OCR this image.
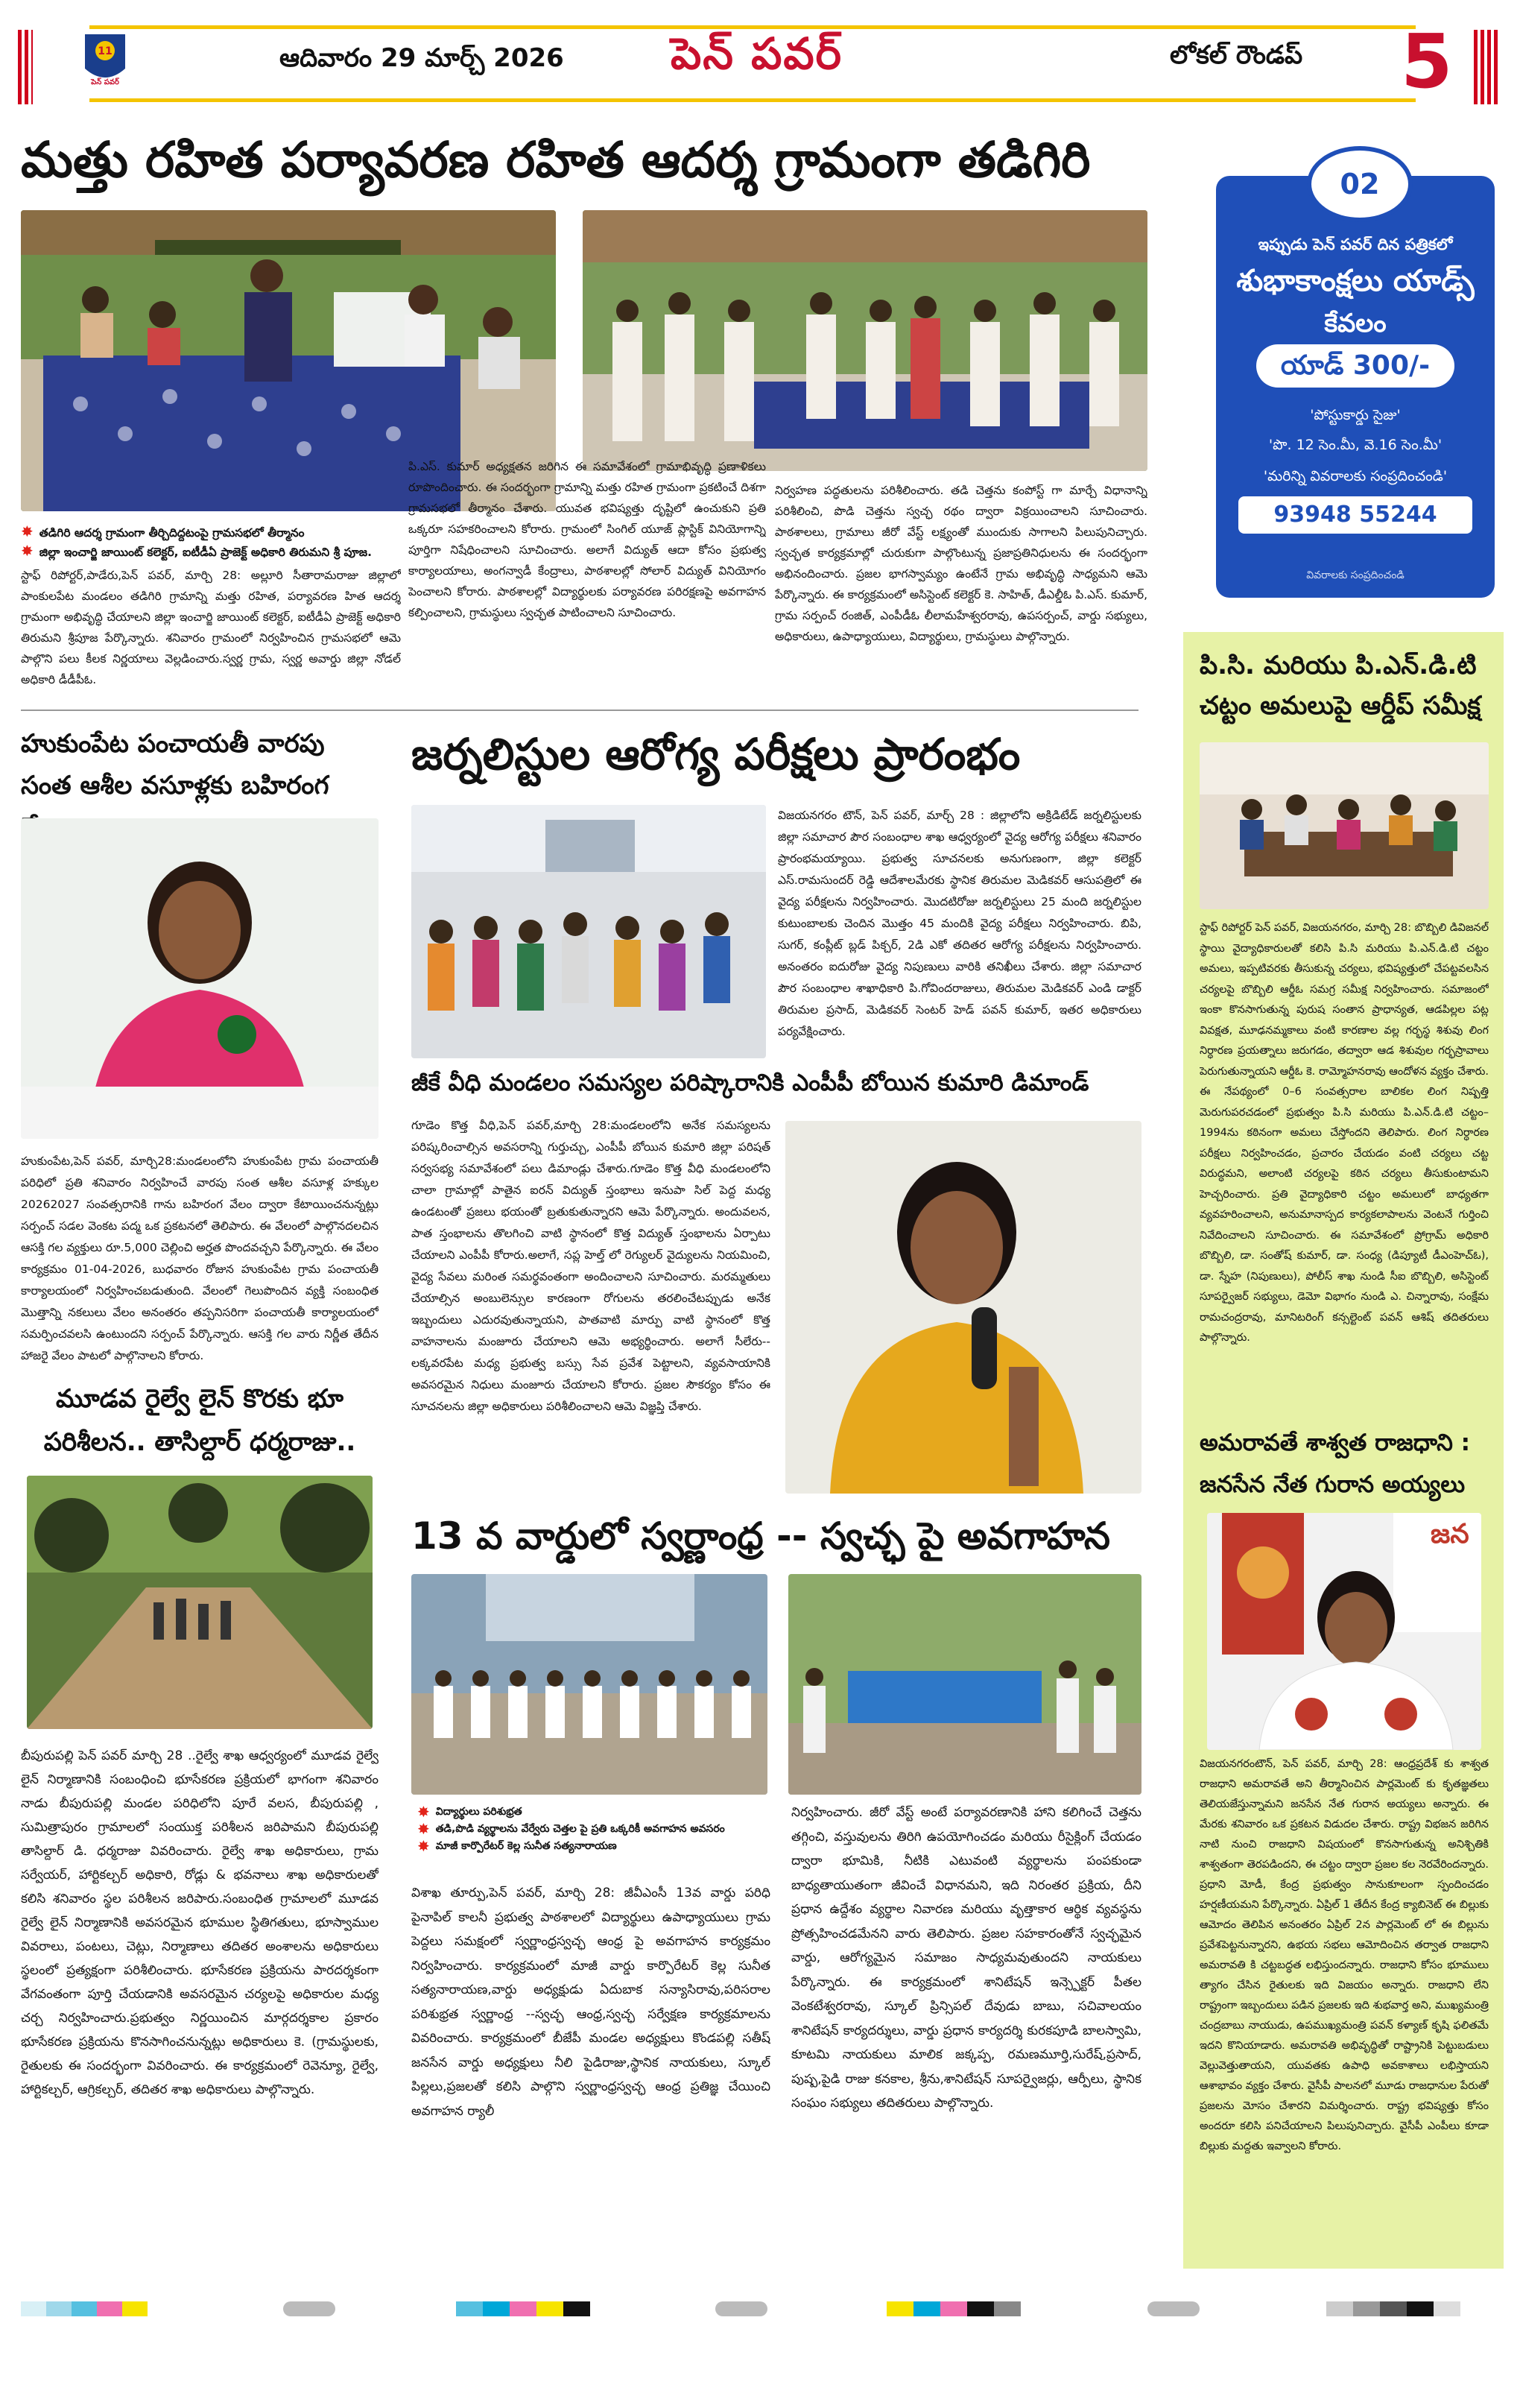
11
పెన్ పవర్
ఆదివారం 29 మార్చ్ 2026 పెన్ పవర్	లోకల్ రౌండప్ 5
మత్తు రహిత పర్యావరణ రహిత ఆదర్శ గ్రామంగా తడిగిరి
✸ తడిగిరి ఆదర్శ గ్రామంగా తీర్చిదిద్దటంపై గ్రామసభలో తీర్మానం
✸ జిల్లా ఇంచార్జి జాయింట్ కలెక్టర్, ఐటీడీఏ ప్రాజెక్ట్ అధికారి తిరుమని శ్రీ పూజ.
స్టాఫ్ రిపోర్టర్,పాడేరు,పెన్ పవర్, మార్చి 28: అల్లూరి సీతారామరాజు జిల్లాలో పాంకులపేట మండలం తడిగిరి గ్రామాన్ని మత్తు రహిత, పర్యావరణ హిత ఆదర్శ గ్రామంగా అభివృద్ధి చేయాలని జిల్లా ఇంచార్జి జాయింట్ కలెక్టర్, ఐటీడీఏ ప్రాజెక్ట్ అధికారి తిరుమని శ్రీపూజ పేర్కొన్నారు. శనివారం గ్రామంలో నిర్వహించిన గ్రామసభలో ఆమె పాల్గొని పలు కీలక నిర్ణయాలు వెల్లడించారు.స్వర్ణ గ్రామ, స్వర్ణ అవార్డు జిల్లా నోడల్ అధికారి డీడీపీఓ.
పి.ఎస్. కుమార్ అధ్యక్షతన జరిగిన ఈ సమావేశంలో గ్రామాభివృద్ధి ప్రణాళికలు రూపొందించారు. ఈ సందర్భంగా గ్రామాన్ని మత్తు రహిత గ్రామంగా ప్రకటించే దిశగా గ్రామసభలో తీర్మానం చేశారు. యువత భవిష్యత్తు దృష్టిలో ఉంచుకుని ప్రతి ఒక్కరూ సహకరించాలని కోరారు. గ్రామంలో సింగిల్ యూజ్ ప్లాస్టిక్ వినియోగాన్ని పూర్తిగా నిషేధించాలని సూచించారు. అలాగే విద్యుత్ ఆదా కోసం ప్రభుత్వ కార్యాలయాలు, అంగన్వాడీ కేంద్రాలు, పాఠశాలల్లో సోలార్ విద్యుత్ వినియోగం పెంచాలని కోరారు. పాఠశాలల్లో విద్యార్థులకు పర్యావరణ పరిరక్షణపై అవగాహన కల్పించాలని, గ్రామస్థులు స్వచ్ఛత పాటించాలని సూచించారు.
నిర్వహణ పద్ధతులను పరిశీలించారు. తడి చెత్తను కంపోస్ట్ గా మార్చే విధానాన్ని పరిశీలించి, పొడి చెత్తను స్వచ్ఛ రథం ద్వారా విక్రయించాలని సూచించారు. పాఠశాలలు, గ్రామాలు జీరో వేస్ట్ లక్ష్యంతో ముందుకు సాగాలని పిలుపునిచ్చారు. స్వచ్ఛత కార్యక్రమాల్లో చురుకుగా పాల్గొంటున్న ప్రజాప్రతినిధులను ఈ సందర్భంగా అభినందించారు. ప్రజల భాగస్వామ్యం ఉంటేనే గ్రామ అభివృద్ధి సాధ్యమని ఆమె పేర్కొన్నారు. ఈ కార్యక్రమంలో అసిస్టెంట్ కలెక్టర్ కె. సాహిత్, డీఎల్డీఓ పి.ఎస్. కుమార్, గ్రామ సర్పంచ్ రంజిత్, ఎంపీడీఓ లీలామహేశ్వరరావు, ఉపసర్పంచ్, వార్డు సభ్యులు, అధికారులు, ఉపాధ్యాయులు, విద్యార్థులు, గ్రామస్థులు పాల్గొన్నారు.
02
ఇప్పుడు పెన్ పవర్ దిన పత్రికలో
శుభాకాంక్షలు యాడ్స్
కేవలం
యాడ్ 300/-
'పోస్టుకార్డు సైజు'
'పొ. 12 సెం.మీ, వె.16 సెం.మీ'
'మరిన్ని వివరాలకు సంప్రదించండి'
93948 55244
వివరాలకు సంప్రదించండి
హుకుంపేట పంచాయతీ వారపు సంత ఆశీల వసూళ్లకు బహిరంగ
హుకుంపేట,పెన్ పవర్, మార్చి28:మండలంలోని హుకుంపేట గ్రామ పంచాయతీ పరిధిలో ప్రతి శనివారం నిర్వహించే వారపు సంత ఆశీల వసూళ్ల హక్కుల 20262027 సంవత్సరానికి గాను బహిరంగ వేలం ద్వారా కేటాయించనున్నట్లు సర్పంచ్ సడల వెంకట పద్మ ఒక ప్రకటనలో తెలిపారు. ఈ వేలంలో పాల్గొనదలచిన ఆసక్తి గల వ్యక్తులు రూ.5,000 చెల్లించి అర్హత పొందవచ్చని పేర్కొన్నారు. ఈ వేలం కార్యక్రమం 01-04-2026, బుధవారం రోజున హుకుంపేట గ్రామ పంచాయతీ కార్యాలయంలో నిర్వహించబడుతుంది. వేలంలో గెలుపొందిన వ్యక్తి సంబంధిత మొత్తాన్ని నకలులు వేలం అనంతరం తప్పనిసరిగా పంచాయతీ కార్యాలయంలో సమర్పించవలసి ఉంటుందని సర్పంచ్ పేర్కొన్నారు. ఆసక్తి గల వారు నిర్ణీత తేదీన హాజరై వేలం పాటలో పాల్గొనాలని కోరారు.
మూడవ రైల్వే లైన్ కొరకు భూ పరిశీలన.. తాసిల్దార్ ధర్మరాజు..
బీపురుపల్లి పెన్ పవర్ మార్చి 28 ..రైల్వే శాఖ ఆధ్వర్యంలో మూడవ రైల్వే లైన్ నిర్మాణానికి సంబంధించి భూసేకరణ ప్రక్రియలో భాగంగా శనివారం నాడు బీపురుపల్లి మండల పరిధిలోని పూరే వలస, బీపురుపల్లి , సుమిత్రాపురం గ్రామాలలో సంయుక్త పరిశీలన జరిపామని బీపురుపల్లి తాసిల్దార్ డి. ధర్మరాజు వివరించారు. రైల్వే శాఖ అధికారులు, గ్రామ సర్వేయర్, హార్టికల్చర్ అధికారి, రోడ్లు & భవనాలు శాఖ అధికారులతో కలిసి శనివారం స్థల పరిశీలన జరిపారు.సంబంధిత గ్రామాలలో మూడవ రైల్వే లైన్ నిర్మాణానికి అవసరమైన భూముల స్థితిగతులు, భూస్వాముల వివరాలు, పంటలు, చెట్లు, నిర్మాణాలు తదితర అంశాలను అధికారులు స్థలంలో ప్రత్యక్షంగా పరిశీలించారు. భూసేకరణ ప్రక్రియను పారదర్శకంగా వేగవంతంగా పూర్తి చేయడానికి అవసరమైన చర్యలపై అధికారుల మధ్య చర్చ నిర్వహించారు.ప్రభుత్వం నిర్ణయించిన మార్గదర్శకాల ప్రకారం భూసేకరణ ప్రక్రియను కొనసాగించనున్నట్లు అధికారులు కె. (గ్రామస్థులకు, రైతులకు ఈ సందర్భంగా వివరించారు. ఈ కార్యక్రమంలో రెవెన్యూ, రైల్వే, హార్టికల్చర్, ఆగ్రికల్చర్, తదితర శాఖ అధికారులు పాల్గొన్నారు.
జర్నలిస్టుల ఆరోగ్య పరీక్షలు ప్రారంభం
విజయనగరం టౌన్, పెన్ పవర్, మార్చ్ 28 : జిల్లాలోని అక్రిడిటేడ్ జర్నలిస్టులకు జిల్లా సమాచార పౌర సంబంధాల శాఖ ఆధ్వర్యంలో వైద్య ఆరోగ్య పరీక్షలు శనివారం ప్రారంభమయ్యాయి. ప్రభుత్వ సూచనలకు అనుగుణంగా, జిల్లా కలెక్టర్ ఎస్.రామసుందర్ రెడ్డి ఆదేశాలమేరకు స్థానిక తిరుమల మెడికవర్ ఆసుపత్రిలో ఈ వైద్య పరీక్షలను నిర్వహించారు. మొదటిరోజు జర్నలిస్టులు 25 మంది జర్నలిస్టుల కుటుంబాలకు చెందిన మొత్తం 45 మందికి వైద్య పరీక్షలు నిర్వహించారు. బిపి, సుగర్, కంప్లీట్ బ్లడ్ పిక్చర్, 2డి ఎకో తదితర ఆరోగ్య పరీక్షలను నిర్వహించారు. అనంతరం ఐదురోజు వైద్య నిపుణులు వారికి తనిఖీలు చేశారు. జిల్లా సమాచార పౌర సంబంధాల శాఖాధికారి పి.గోవిందరాజులు, తిరుమల మెడికవర్ ఎండి డాక్టర్ తిరుమల ప్రసాద్, మెడికవర్ సెంటర్ హెడ్ పవన్ కుమార్, ఇతర అధికారులు పర్యవేక్షించారు.
జీకే వీధి మండలం సమస్యల పరిష్కారానికి ఎంపీపీ బోయిన కుమారి డిమాండ్
గూడెం కొత్త వీధి,పెన్ పవర్,మార్చి 28:మండలంలోని అనేక సమస్యలను పరిష్కరించాల్సిన అవసరాన్ని గుర్తుచ్చు, ఎంపీపీ బోయిన కుమారి జిల్లా పరిషత్ సర్వసభ్య సమావేశంలో పలు డిమాండ్లు చేశారు.గూడెం కొత్త వీధి మండలంలోని చాలా గ్రామాల్లో పాతైన ఐరన్ విద్యుత్ స్తంభాలు ఇనుపా సిల్ పెద్ద మధ్య ఉండటంతో ప్రజలు భయంతో బ్రతుకుతున్నారని ఆమె పేర్కొన్నారు. అందువలన, పాత స్తంభాలను తొలగించి వాటి స్థానంలో కొత్త విద్యుత్ స్తంభాలను ఏర్పాటు చేయాలని ఎంపీపీ కోరారు.అలాగే, సప్ల హెల్త్ లో రెగ్యులర్ వైద్యులను నియమించి, వైద్య సేవలు మరింత సమర్థవంతంగా అందించాలని సూచించారు. మరమ్మతులు చేయాల్సిన అంబులెన్సుల కారణంగా రోగులను తరలించేటప్పుడు అనేక ఇబ్బందులు ఎదురవుతున్నాయని, పాతవాటి మార్పు వాటి స్థానంలో కొత్త వాహనాలను మంజూరు చేయాలని ఆమె అభ్యర్థించారు. అలాగే సీలేరు--లక్కవరపేట మధ్య ప్రభుత్వ బస్సు సేవ ప్రవేశ పెట్టాలని, వ్యవసాయానికి అవసరమైన నిధులు మంజూరు చేయాలని కోరారు. ప్రజల సౌకర్యం కోసం ఈ సూచనలను జిల్లా అధికారులు పరిశీలించాలని ఆమె విజ్ఞప్తి చేశారు.
13 వ వార్డులో స్వర్ణాంధ్ర -- స్వచ్ఛ పై అవగాహన
✸ విద్యార్థులు పరిశుభ్రత
✸ తడి,పొడి వ్యర్థాలను వేర్వేరు చెత్తల పై ప్రతి ఒక్కరికీ అవగాహన అవసరం
✸ మాజీ కార్పొరేటర్ కెల్ల సునీత సత్యనారాయణ
విశాఖ తూర్పు,పెన్ పవర్, మార్చి 28: జీవీఎంసీ 13వ వార్డు పరిధి పైనాపిల్ కాలనీ ప్రభుత్వ పాఠశాలలో విద్యార్థులు ఉపాధ్యాయులు గ్రామ పెద్దలు సమక్షంలో స్వర్ణాంధ్రస్వచ్ఛ ఆంధ్ర పై అవగాహన కార్యక్రమం నిర్వహించారు. కార్యక్రమంలో మాజీ వార్డు కార్పొరేటర్ కెల్ల సునీత సత్యనారాయణ,వార్డు అధ్యక్షుడు ఏదుబాక సన్యాసిరావు,పరిసరాల పరిశుభ్రత స్వర్ణాంధ్ర --స్వచ్ఛ ఆంధ్ర,స్వచ్ఛ సర్వేక్షణ కార్యక్రమాలను వివరించారు. కార్యక్రమంలో బీజేపీ మండల అధ్యక్షులు కొండపల్లి సతీష్ జనసేన వార్డు అధ్యక్షులు నీలి పైడిరాజు,స్థానిక నాయకులు, స్కూల్ పిల్లలు,ప్రజలతో కలిసి పాల్గొని స్వర్ణాంధ్రస్వచ్ఛ ఆంధ్ర ప్రతిజ్ఞ చేయించి అవగాహన ర్యాలీ
నిర్వహించారు. జీరో వేస్ట్ అంటే పర్యావరణానికి హాని కలిగించే చెత్తను తగ్గించి, వస్తువులను తిరిగి ఉపయోగించడం మరియు రీసైక్లింగ్ చేయడం ద్వారా భూమికి, నీటికి ఎటువంటి వ్యర్థాలను పంపకుండా బాధ్యతాయుతంగా జీవించే విధానమని, ఇది నిరంతర ప్రక్రియ, దీని ప్రధాన ఉద్దేశం వ్యర్థాల నివారణ మరియు వృత్తాకార ఆర్థిక వ్యవస్థను ప్రోత్సహించడమేనని వారు తెలిపారు. ప్రజల సహకారంతోనే స్వచ్ఛమైన వార్డు, ఆరోగ్యమైన సమాజం సాధ్యమవుతుందని నాయకులు పేర్కొన్నారు. ఈ కార్యక్రమంలో శానిటేషన్ ఇన్స్పెక్టర్ పీతల వెంకటేశ్వరరావు, స్కూల్ ప్రిన్సిపల్ దేవుడు బాబు, సచివాలయం శానిటేషన్ కార్యదర్శులు, వార్డు ప్రధాన కార్యదర్శి కురకపూడి బాలస్వామి, కూటమి నాయకులు మాలిక జక్కప్ప, రమణమూర్తి,సురేష్,ప్రసాద్, పుష్ప,పైడి రాజు కనకాల, శ్రీను,శానిటేషన్ సూపర్వైజర్లు, ఆర్పీలు, స్థానిక సంఘం సభ్యులు తదితరులు పాల్గొన్నారు.
పి.సి. మరియు పి.ఎన్.డి.టి చట్టం అమలుపై ఆర్డీప్ సమీక్ష
స్టాఫ్ రిపోర్టర్ పెన్ పవర్, విజయనగరం, మార్చి 28: బొబ్బిలి డివిజనల్ స్థాయి వైద్యాధికారులతో కలిసి పి.సి మరియు పి.ఎన్.డి.టి చట్టం అమలు, ఇప్పటివరకు తీసుకున్న చర్యలు, భవిష్యత్తులో చేపట్టవలసిన చర్యలపై బొబ్బిలి ఆర్డీఓ సమగ్ర సమీక్ష నిర్వహించారు. సమాజంలో ఇంకా కొనసాగుతున్న పురుష సంతాన ప్రాధాన్యత, ఆడపిల్లల పట్ల వివక్షత, మూఢనమ్మకాలు వంటి కారణాల వల్ల గర్భస్థ శిశువు లింగ నిర్ధారణ ప్రయత్నాలు జరుగడం, తద్వారా ఆడ శిశువుల గర్భస్రావాలు పెరుగుతున్నాయని ఆర్డీఓ కె. రామ్మోహనరావు ఆందోళన వ్యక్తం చేశారు. ఈ నేపథ్యంలో 0–6 సంవత్సరాల బాలికల లింగ నిష్పత్తి మెరుగుపరచడంలో ప్రభుత్వం పి.సి మరియు పి.ఎన్.డి.టి చట్టం–1994ను కఠినంగా అమలు చేస్తోందని తెలిపారు. లింగ నిర్ధారణ పరీక్షలు నిర్వహించడం, ప్రచారం చేయడం వంటి చర్యలు చట్ట విరుద్ధమని, అలాంటి చర్యలపై కఠిన చర్యలు తీసుకుంటామని హెచ్చరించారు. ప్రతి వైద్యాధికారి చట్టం అమలులో బాధ్యతగా వ్యవహరించాలని, అనుమానాస్పద కార్యకలాపాలను వెంటనే గుర్తించి నివేదించాలని సూచించారు. ఈ సమావేశంలో ప్రోగ్రామ్ అధికారి బొబ్బిలి, డా. సంతోష్ కుమార్, డా. సంధ్య (డిప్యూటీ డీఎంహెచ్ఓ), డా. స్నేహ (నిపుణులు), పోలీస్ శాఖ నుండి సీఐ బొబ్బిలి, అసిస్టెంట్ సూపర్వైజర్ సభ్యులు, డెమో విభాగం నుండి ఎ. చిన్నారావు, సంక్షేమ రామచంద్రరావు, మానిటరింగ్ కన్సల్టెంట్ పవన్ ఆశిష్ తదితరులు పాల్గొన్నారు.
అమరావతే శాశ్వత రాజధాని : జనసేన నేత గురాన అయ్యలు
జన
విజయనగరంటౌన్, పెన్ పవర్, మార్చి 28: ఆంధ్రప్రదేశ్ కు శాశ్వత రాజధాని అమరావతే అని తీర్మానించిన పార్లమెంట్ కు కృతజ్ఞతలు తెలియజేస్తున్నామని జనసేన నేత గురాన అయ్యలు అన్నారు. ఈ మేరకు శనివారం ఒక ప్రకటన విడుదల చేశారు. రాష్ట్ర విభజన జరిగిన నాటి నుంచి రాజధాని విషయంలో కొనసాగుతున్న అనిశ్చితికి శాశ్వతంగా తెరపడిందని, ఈ చట్టం ద్వారా ప్రజల కల నెరవేరిందన్నారు. ప్రధాని మోడీ, కేంద్ర ప్రభుత్వం సానుకూలంగా స్పందించడం హర్షణీయమని పేర్కొన్నారు. ఏప్రిల్ 1 తేదీన కేంద్ర క్యాబినెట్ ఈ బిల్లుకు ఆమోదం తెలిపిన అనంతరం ఏప్రిల్ 2న పార్లమెంట్ లో ఈ బిల్లును ప్రవేశపెట్టనున్నారని, ఉభయ సభలు ఆమోదించిన తర్వాత రాజధాని అమరావతి కి చట్టబద్ధత లభిస్తుందన్నారు. రాజధాని కోసం భూములు త్యాగం చేసిన రైతులకు ఇది విజయం అన్నారు. రాజధాని లేని రాష్ట్రంగా ఇబ్బందులు పడిన ప్రజలకు ఇది శుభవార్త అని, ముఖ్యమంత్రి చంద్రబాబు నాయుడు, ఉపముఖ్యమంత్రి పవన్ కళ్యాణ్ కృషి ఫలితమే ఇదని కొనియాడారు. అమరావతి అభివృద్ధితో రాష్ట్రానికి పెట్టుబడులు వెల్లువెత్తుతాయని, యువతకు ఉపాధి అవకాశాలు లభిస్తాయని ఆశాభావం వ్యక్తం చేశారు. వైసీపీ పాలనలో మూడు రాజధానుల పేరుతో ప్రజలను మోసం చేశారని విమర్శించారు. రాష్ట్ర భవిష్యత్తు కోసం అందరూ కలిసి పనిచేయాలని పిలుపునిచ్చారు. వైసీపీ ఎంపీలు కూడా బిల్లుకు మద్దతు ఇవ్వాలని కోరారు.
